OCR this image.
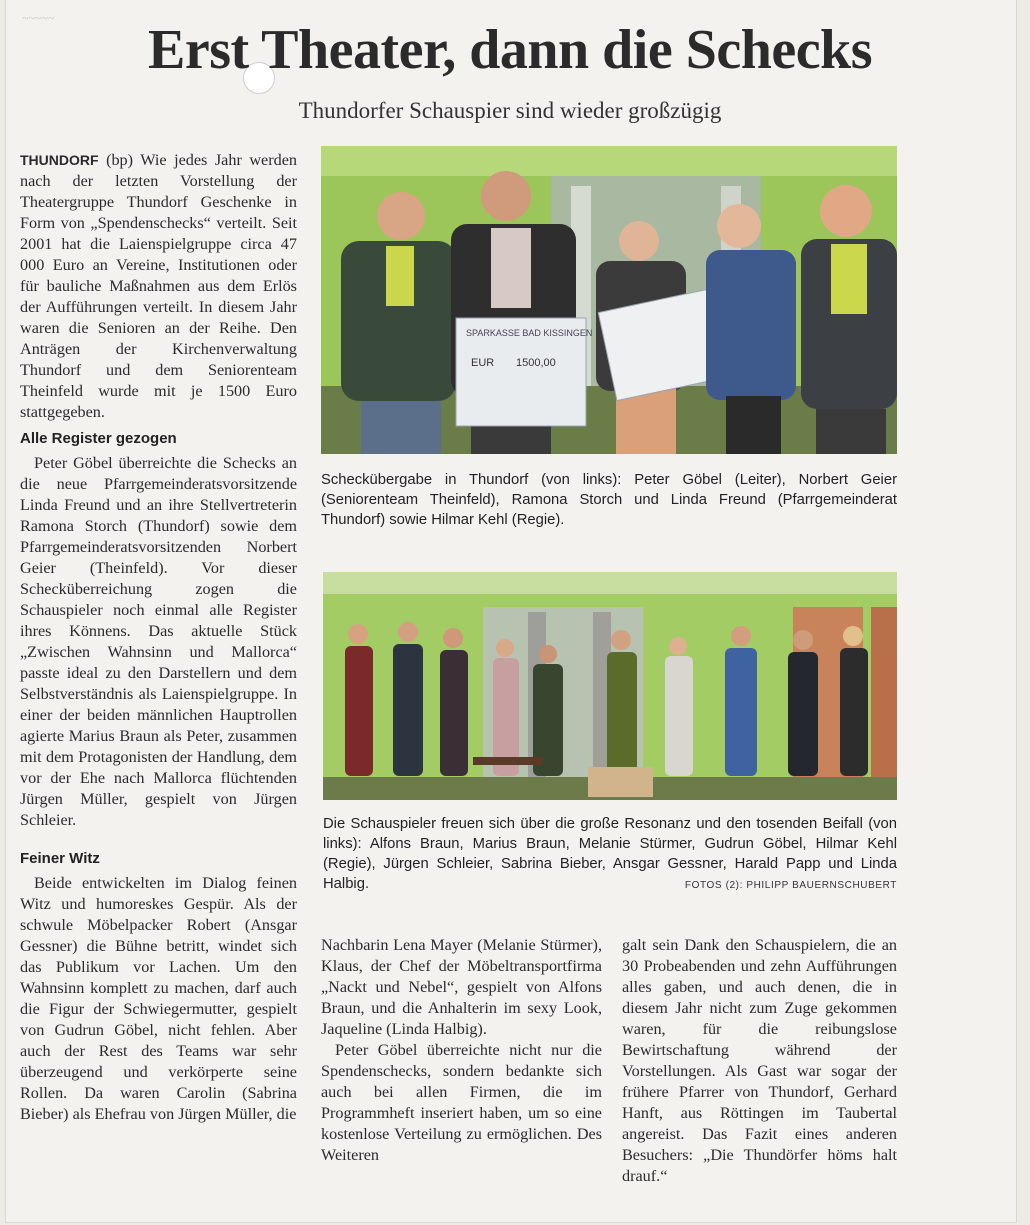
Erst Theater, dann die Schecks
Thundorfer Schauspier sind wieder großzügig
~~~~~

THUNDORF (bp) Wie jedes Jahr werden nach der letzten Vorstellung der Theatergruppe Thundorf Geschenke in Form von „Spendenschecks“ verteilt. Seit 2001 hat die Laienspielgruppe circa 47 000 Euro an Vereine, Institutionen oder für bauliche Maßnahmen aus dem Erlös der Aufführungen verteilt. In diesem Jahr waren die Senioren an der Reihe. Den Anträgen der Kirchenverwaltung Thundorf und dem Seniorenteam Theinfeld wurde mit je 1500 Euro stattgegeben.

Alle Register gezogen

Peter Göbel überreichte die Schecks an die neue Pfarrgemeinderatsvorsitzende Linda Freund und an ihre Stellvertreterin Ramona Storch (Thundorf) sowie dem Pfarrgemeinderatsvorsitzenden Norbert Geier (Theinfeld). Vor dieser Schecküberreichung zogen die Schauspieler noch einmal alle Register ihres Könnens. Das aktuelle Stück „Zwischen Wahnsinn und Mallorca“ passte ideal zu den Darstellern und dem Selbstverständnis als Laienspielgruppe. In einer der beiden männlichen Hauptrollen agierte Marius Braun als Peter, zusammen mit dem Protagonisten der Handlung, dem vor der Ehe nach Mallorca flüchtenden Jürgen Müller, gespielt von Jürgen Schleier.

Feiner Witz

Beide entwickelten im Dialog feinen Witz und humoreskes Gespür. Als der schwule Möbelpacker Robert (Ansgar Gessner) die Bühne betritt, windet sich das Publikum vor Lachen. Um den Wahnsinn komplett zu machen, darf auch die Figur der Schwiegermutter, gespielt von Gudrun Göbel, nicht fehlen. Aber auch der Rest des Teams war sehr überzeugend und verkörperte seine Rollen. Da waren Carolin (Sabrina Bieber) als Ehefrau von Jürgen Müller, die

SPARKASSE BAD KISSINGEN
EUR 1500,00
Scheckübergabe in Thundorf (von links): Peter Göbel (Leiter), Norbert Geier (Seniorenteam Theinfeld), Ramona Storch und Linda Freund (Pfarrgemeinderat Thundorf) sowie Hilmar Kehl (Regie).
Die Schauspieler freuen sich über die große Resonanz und den tosenden Beifall (von links): Alfons Braun, Marius Braun, Melanie Stürmer, Gudrun Göbel, Hilmar Kehl (Regie), Jürgen Schleier, Sabrina Bieber, Ansgar Gessner, Harald Papp und Linda Halbig.	FOTOS (2): PHILIPP BAUERNSCHUBERT

Nachbarin Lena Mayer (Melanie Stürmer), Klaus, der Chef der Möbeltransportfirma „Nackt und Nebel“, gespielt von Alfons Braun, und die Anhalterin im sexy Look, Jaqueline (Linda Halbig).

Peter Göbel überreichte nicht nur die Spendenschecks, sondern bedankte sich auch bei allen Firmen, die im Programmheft inseriert haben, um so eine kostenlose Verteilung zu ermöglichen. Des Weiteren

galt sein Dank den Schauspielern, die an 30 Probeabenden und zehn Aufführungen alles gaben, und auch denen, die in diesem Jahr nicht zum Zuge gekommen waren, für die reibungslose Bewirtschaftung während der Vorstellungen. Als Gast war sogar der frühere Pfarrer von Thundorf, Gerhard Hanft, aus Röttingen im Taubertal angereist. Das Fazit eines anderen Besuchers: „Die Thundörfer höms halt drauf.“
